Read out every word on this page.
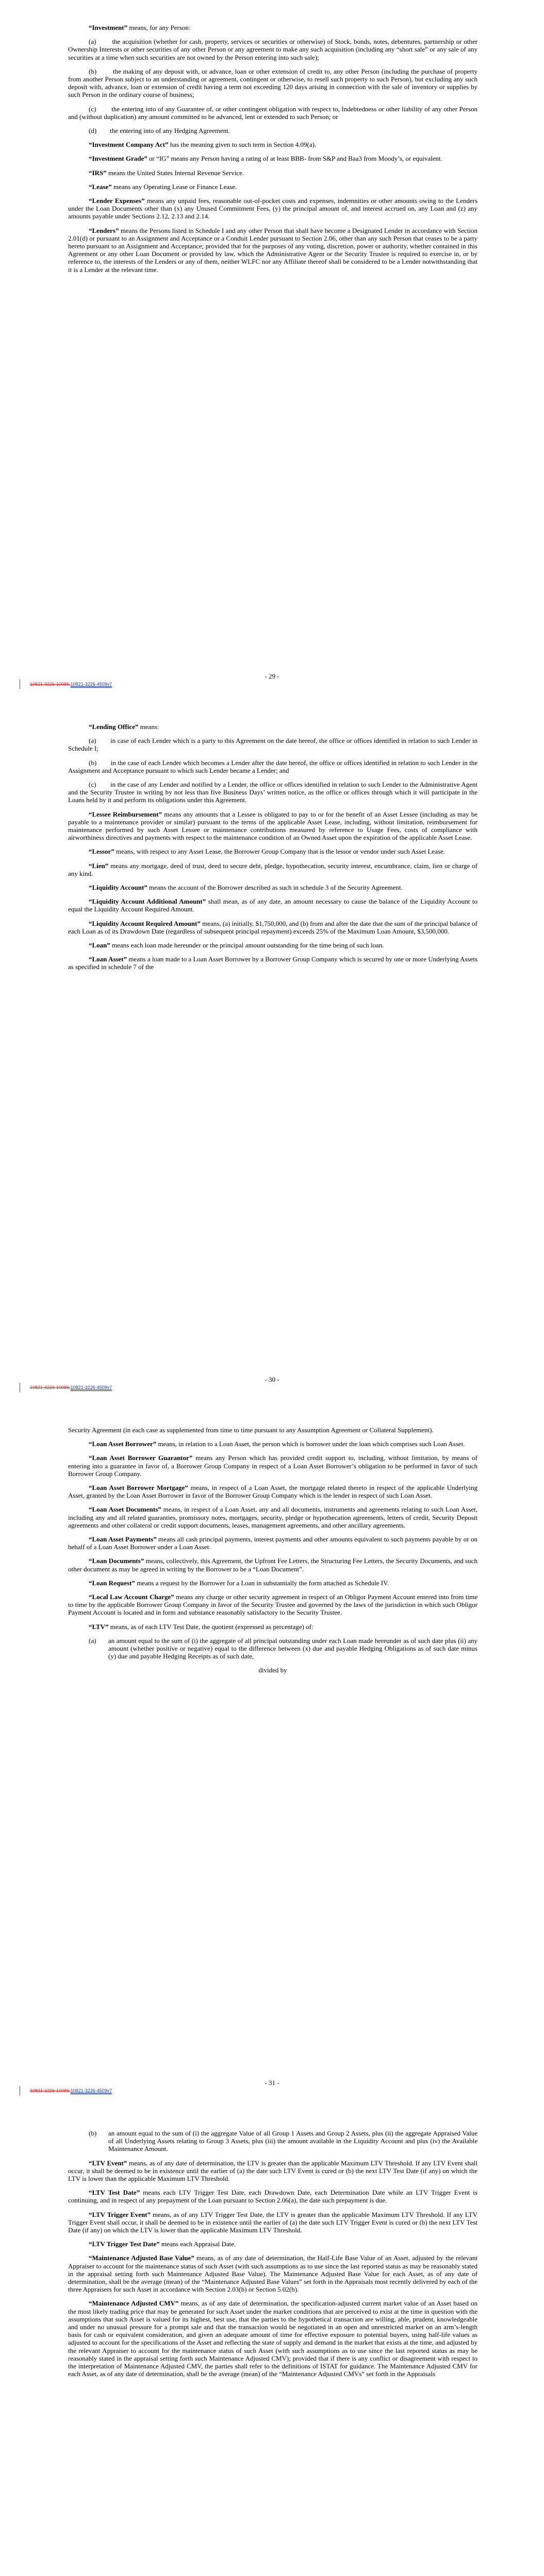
“Investment” means, for any Person:

(a) the acquisition (whether for cash, property, services or securities or otherwise) of Stock, bonds, notes, debentures, partnership or other Ownership Interests or other securities of any other Person or any agreement to make any such acquisition (including any “short sale” or any sale of any securities at a time when such securities are not owned by the Person entering into such sale);

(b) the making of any deposit with, or advance, loan or other extension of credit to, any other Person (including the purchase of property from another Person subject to an understanding or agreement, contingent or otherwise, to resell such property to such Person), but excluding any such deposit with, advance, loan or extension of credit having a term not exceeding 120 days arising in connection with the sale of inventory or supplies by such Person in the ordinary course of business;

(c) the entering into of any Guarantee of, or other contingent obligation with respect to, Indebtedness or other liability of any other Person and (without duplication) any amount committed to be advanced, lent or extended to such Person; or

(d) the entering into of any Hedging Agreement.

“Investment Company Act” has the meaning given to such term in Section 4.09(a).

“Investment Grade” or “IG” means any Person having a rating of at least BBB- from S&P and Baa3 from Moody’s, or equivalent.

“IRS” means the United States Internal Revenue Service.

“Lease” means any Operating Lease or Finance Lease.

“Lender Expenses” means any unpaid fees, reasonable out-of-pocket costs and expenses, indemnities or other amounts owing to the Lenders under the Loan Documents other than (x) any Unused Commitment Fees, (y) the principal amount of, and interest accrued on, any Loan and (z) any amounts payable under Sections 2.12, 2.13 and 2.14.

“Lenders” means the Persons listed in Schedule I and any other Person that shall have become a Designated Lender in accordance with Section 2.01(d) or pursuant to an Assignment and Acceptance or a Conduit Lender pursuant to Section 2.06, other than any such Person that ceases to be a party hereto pursuant to an Assignment and Acceptance; provided that for the purposes of any voting, discretion, power or authority, whether contained in this Agreement or any other Loan Document or provided by law, which the Administrative Agent or the Security Trustee is required to exercise in, or by reference to, the interests of the Lenders or any of them, neither WLFC nor any Affiliate thereof shall be considered to be a Lender notwithstanding that it is a Lender at the relevant time.

10821-3226-10086.10821-3226-4509v7
- 29 -

“Lending Office” means:

(a) in case of each Lender which is a party to this Agreement on the date hereof, the office or offices identified in relation to such Lender in Schedule I;

(b) in the case of each Lender which becomes a Lender after the date hereof, the office or offices identified in relation to such Lender in the Assignment and Acceptance pursuant to which such Lender became a Lender; and

(c) in the case of any Lender and notified by a Lender, the office or offices identified in relation to such Lender to the Administrative Agent and the Security Trustee in writing by not less than five Business Days’ written notice, as the office or offices through which it will participate in the Loans held by it and perform its obligations under this Agreement.

“Lessee Reimbursement” means any amounts that a Lessee is obligated to pay to or for the benefit of an Asset Lessee (including as may be payable to a maintenance provider or similar) pursuant to the terms of the applicable Asset Lease, including, without limitation, reimbursement for maintenance performed by such Asset Lessee or maintenance contributions measured by reference to Usage Fees, costs of compliance with airworthiness directives and payments with respect to the maintenance condition of an Owned Asset upon the expiration of the applicable Asset Lease.

“Lessor” means, with respect to any Asset Lease, the Borrower Group Company that is the lessor or vendor under such Asset Lease.

“Lien” means any mortgage, deed of trust, deed to secure debt, pledge, hypothecation, security interest, encumbrance, claim, lien or charge of any kind.

“Liquidity Account” means the account of the Borrower described as such in schedule 3 of the Security Agreement.

“Liquidity Account Additional Amount” shall mean, as of any date, an amount necessary to cause the balance of the Liquidity Account to equal the Liquidity Account Required Amount.

“Liquidity Account Required Amount” means, (a) initially, $1,750,000, and (b) from and after the date that the sum of the principal balance of each Loan as of its Drawdown Date (regardless of subsequent principal repayment) exceeds 25% of the Maximum Loan Amount, $3,500,000.

“Loan” means each loan made hereunder or the principal amount outstanding for the time being of such loan.

“Loan Asset” means a loan made to a Loan Asset Borrower by a Borrower Group Company which is secured by one or more Underlying Assets as specified in schedule 7 of the

10821-3226-10086.10821-3226-4509v7
- 30 -

Security Agreement (in each case as supplemented from time to time pursuant to any Assumption Agreement or Collateral Supplement).

“Loan Asset Borrower” means, in relation to a Loan Asset, the person which is borrower under the loan which comprises such Loan Asset.

“Loan Asset Borrower Guarantor” means any Person which has provided credit support to, including, without limitation, by means of entering into a guarantee in favor of, a Borrower Group Company in respect of a Loan Asset Borrower’s obligation to be performed in favor of such Borrower Group Company.

“Loan Asset Borrower Mortgage” means, in respect of a Loan Asset, the mortgage related thereto in respect of the applicable Underlying Asset, granted by the Loan Asset Borrower in favor of the Borrower Group Company which is the lender in respect of such Loan Asset.

“Loan Asset Documents” means, in respect of a Loan Asset, any and all documents, instruments and agreements relating to such Loan Asset, including any and all related guaranties, promissory notes, mortgages, security, pledge or hypothecation agreements, letters of credit, Security Deposit agreements and other collateral or credit support documents, leases, management agreements, and other ancillary agreements.

“Loan Asset Payments” means all cash principal payments, interest payments and other amounts equivalent to such payments payable by or on behalf of a Loan Asset Borrower under a Loan Asset.

“Loan Documents” means, collectively, this Agreement, the Upfront Fee Letters, the Structuring Fee Letters, the Security Documents, and such other document as may be agreed in writing by the Borrower to be a “Loan Document”.

“Loan Request” means a request by the Borrower for a Loan in substantially the form attached as Schedule IV.

“Local Law Account Charge” means any charge or other security agreement in respect of an Obligor Payment Account entered into from time to time by the applicable Borrower Group Company in favor of the Security Trustee and governed by the laws of the jurisdiction in which such Obligor Payment Account is located and in form and substance reasonably satisfactory to the Security Trustee.

“LTV” means, as of each LTV Test Date, the quotient (expressed as percentage) of:

(a) an amount equal to the sum of (i) the aggregate of all principal outstanding under each Loan made hereunder as of such date plus (ii) any amount (whether positive or negative) equal to the difference between (x) due and payable Hedging Obligations as of such date minus (y) due and payable Hedging Receipts as of such date,

divided by

10821-3226-10086.10821-3226-4509v7
- 31 -

(b) an amount equal to the sum of (i) the aggregate Value of all Group 1 Assets and Group 2 Assets, plus (ii) the aggregate Appraised Value of all Underlying Assets relating to Group 3 Assets, plus (iii) the amount available in the Liquidity Account and plus (iv) the Available Maintenance Amount.

“LTV Event” means, as of any date of determination, the LTV is greater than the applicable Maximum LTV Threshold. If any LTV Event shall occur, it shall be deemed to be in existence until the earlier of (a) the date such LTV Event is cured or (b) the next LTV Test Date (if any) on which the LTV is lower than the applicable Maximum LTV Threshold.

“LTV Test Date” means each LTV Trigger Test Date, each Drawdown Date, each Determination Date while an LTV Trigger Event is continuing, and in respect of any prepayment of the Loan pursuant to Section 2.06(a), the date such prepayment is due.

“LTV Trigger Event” means, as of any LTV Trigger Test Date, the LTV is greater than the applicable Maximum LTV Threshold. If any LTV Trigger Event shall occur, it shall be deemed to be in existence until the earlier of (a) the date such LTV Trigger Event is cured or (b) the next LTV Test Date (if any) on which the LTV is lower than the applicable Maximum LTV Threshold.

“LTV Trigger Test Date” means each Appraisal Date.

“Maintenance Adjusted Base Value” means, as of any date of determination, the Half-Life Base Value of an Asset, adjusted by the relevant Appraiser to account for the maintenance status of such Asset (with such assumptions as to use since the last reported status as may be reasonably stated in the appraisal setting forth such Maintenance Adjusted Base Value). The Maintenance Adjusted Base Value for each Asset, as of any date of determination, shall be the average (mean) of the “Maintenance Adjusted Base Values” set forth in the Appraisals most recently delivered by each of the three Appraisers for such Asset in accordance with Section 2.03(b) or Section 5.02(b).

“Maintenance Adjusted CMV” means, as of any date of determination, the specification-adjusted current market value of an Asset based on the most likely trading price that may be generated for such Asset under the market conditions that are perceived to exist at the time in question with the assumptions that such Asset is valued for its highest, best use, that the parties to the hypothetical transaction are willing, able, prudent, knowledgeable and under no unusual pressure for a prompt sale and that the transaction would be negotiated in an open and unrestricted market on an arm’s-length basis for cash or equivalent consideration, and given an adequate amount of time for effective exposure to potential buyers, using half-life values as adjusted to account for the specifications of the Asset and reflecting the state of supply and demand in the market that exists at the time, and adjusted by the relevant Appraiser to account for the maintenance status of such Asset (with such assumptions as to use since the last reported status as may be reasonably stated in the appraisal setting forth such Maintenance Adjusted CMV); provided that if there is any conflict or disagreement with respect to the interpretation of Maintenance Adjusted CMV, the parties shall refer to the definitions of ISTAT for guidance. The Maintenance Adjusted CMV for each Asset, as of any date of determination, shall be the average (mean) of the “Maintenance Adjusted CMVs” set forth in the Appraisals
